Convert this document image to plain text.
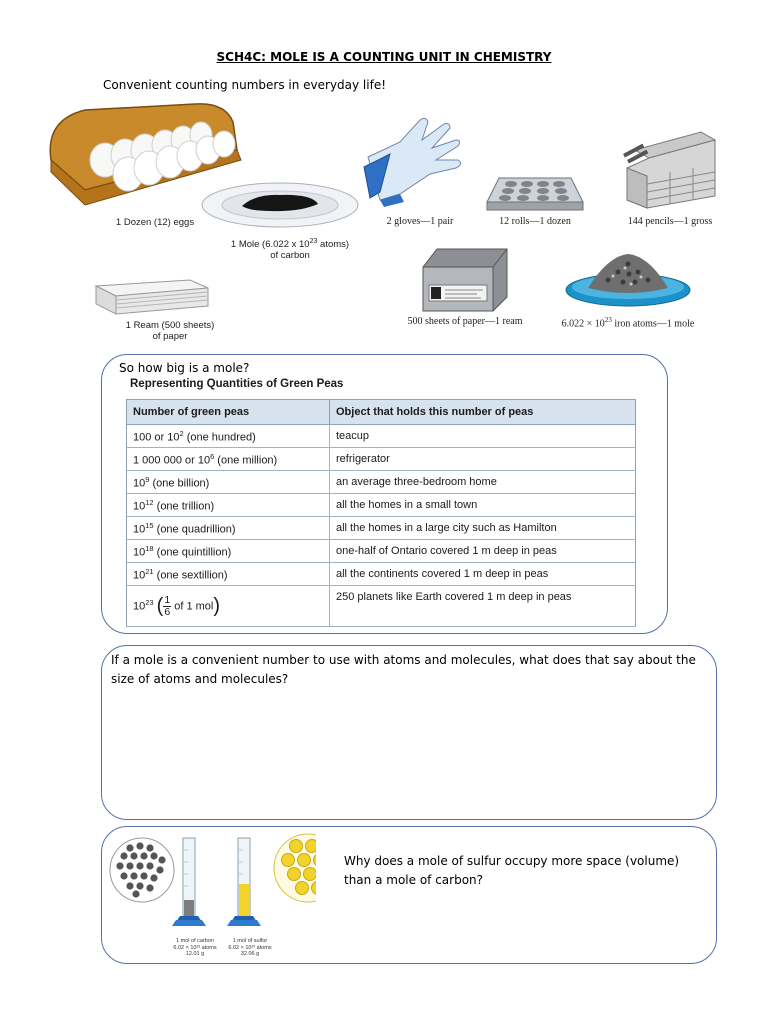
SCH4C: MOLE IS A COUNTING UNIT IN CHEMISTRY
Convenient counting numbers in everyday life!
1 Dozen (12) eggs
1 Mole (6.022 x $10^{23}$ atoms)
of carbon
1 Ream (500 sheets)
of paper
2 gloves—1 pair	12 rolls—1 dozen	144 pencils—1 gross
500 sheets of paper—1 ream	$6.022 \times 10^{23}$ iron atoms—1 mole
So how big is a mole?
Representing Quantities of Green Peas
Number of green peas	Object that holds this number of peas
100 or $10^2$ (one hundred)	teacup
1 000 000 or $10^6$ (one million)	refrigerator
$10^9$ (one billion)	an average three-bedroom home
$10^{12}$ (one trillion)	all the homes in a small town
$10^{15}$ (one quadrillion)	all the homes in a large city such as Hamilton
$10^{18}$ (one quintillion)	one-half of Ontario covered 1 m deep in peas
$10^{21}$ (one sextillion)	all the continents covered 1 m deep in peas
$10^{23}$ ( $\frac{1}{6}$ of 1 mol)	250 planets like Earth covered 1 m deep in peas
If a mole is a convenient number to use with atoms and molecules, what does that say about the size of atoms and molecules?
1 mol of carbon
6.02 × 10²³ atoms
12.01 g
1 mol of sulfur
6.02 × 10²³ atoms
32.06 g
Why does a mole of sulfur occupy more space (volume) than a mole of carbon?
